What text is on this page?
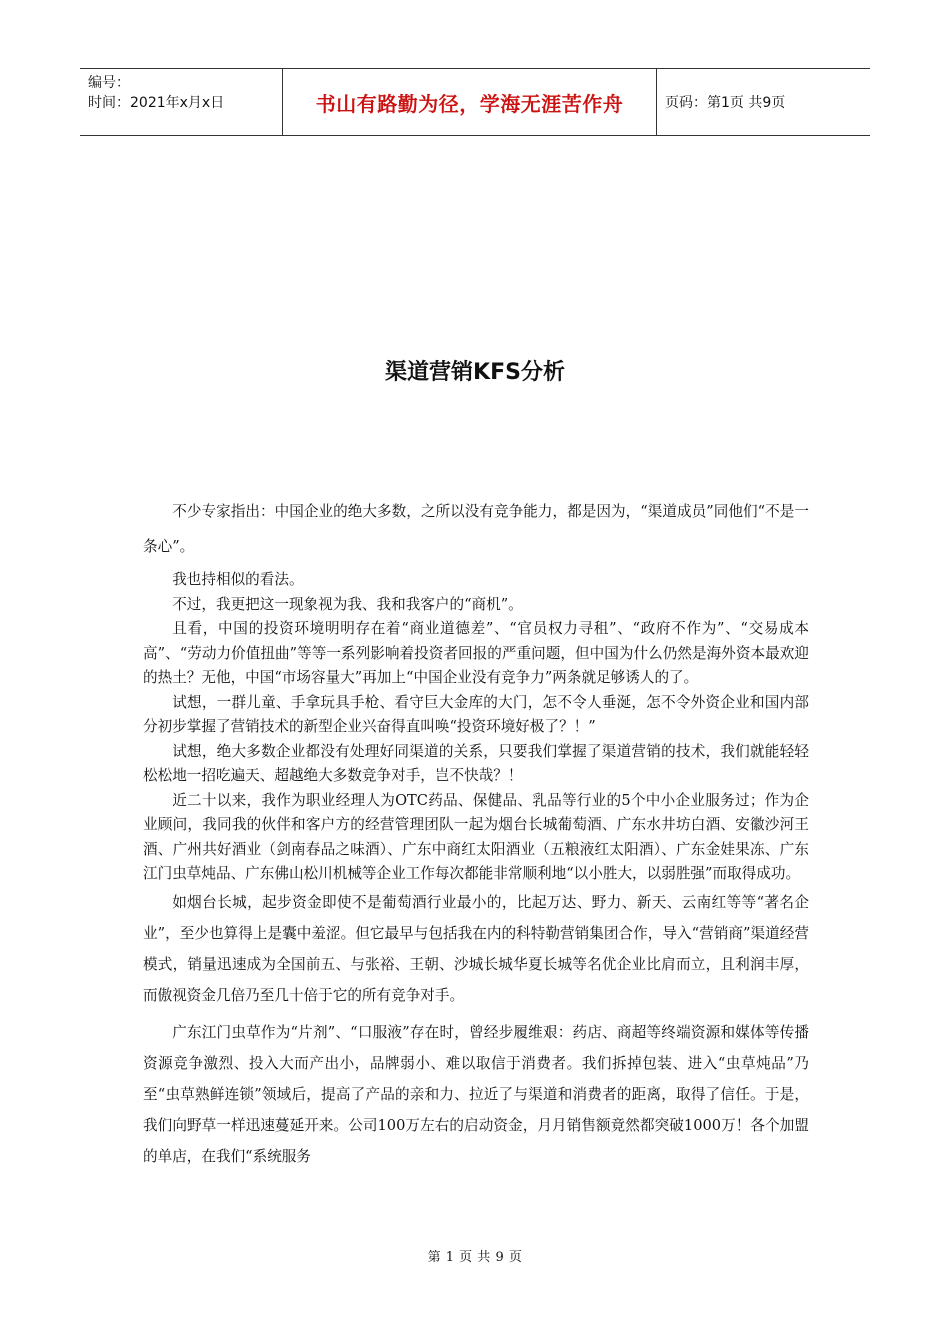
编号：
时间：2021年x月x日	书山有路勤为径，学海无涯苦作舟	页码：第1页 共9页
渠道营销KFS分析

不少专家指出：中国企业的绝大多数，之所以没有竞争能力，都是因为，“渠道成员”同他们“不是一条心”。

我也持相似的看法。

不过，我更把这一现象视为我、我和我客户的“商机”。

且看，中国的投资环境明明存在着“商业道德差”、“官员权力寻租”、“政府不作为”、“交易成本高”、“劳动力价值扭曲”等等一系列影响着投资者回报的严重问题，但中国为什么仍然是海外资本最欢迎的热土？无他，中国“市场容量大”再加上“中国企业没有竞争力”两条就足够诱人的了。

试想，一群儿童、手拿玩具手枪、看守巨大金库的大门，怎不令人垂涎，怎不令外资企业和国内部分初步掌握了营销技术的新型企业兴奋得直叫唤“投资环境好极了？！”

试想，绝大多数企业都没有处理好同渠道的关系，只要我们掌握了渠道营销的技术，我们就能轻轻松松地一招吃遍天、超越绝大多数竞争对手，岂不快哉？！

近二十以来，我作为职业经理人为OTC药品、保健品、乳品等行业的5个中小企业服务过；作为企业顾问，我同我的伙伴和客户方的经营管理团队一起为烟台长城葡萄酒、广东水井坊白酒、安徽沙河王酒、广州共好酒业（剑南春品之味酒）、广东中商红太阳酒业（五粮液红太阳酒）、广东金娃果冻、广东江门虫草炖品、广东佛山松川机械等企业工作每次都能非常顺利地“以小胜大，以弱胜强”而取得成功。

如烟台长城，起步资金即使不是葡萄酒行业最小的，比起万达、野力、新天、云南红等等“著名企业”，至少也算得上是囊中羞涩。但它最早与包括我在内的科特勒营销集团合作，导入“营销商”渠道经营模式，销量迅速成为全国前五、与张裕、王朝、沙城长城华夏长城等名优企业比肩而立，且利润丰厚，而傲视资金几倍乃至几十倍于它的所有竞争对手。

广东江门虫草作为“片剂”、“口服液”存在时，曾经步履维艰：药店、商超等终端资源和媒体等传播资源竞争激烈、投入大而产出小，品牌弱小、难以取信于消费者。我们拆掉包装、进入“虫草炖品”乃至“虫草熟鲜连锁”领域后，提高了产品的亲和力、拉近了与渠道和消费者的距离，取得了信任。于是，我们向野草一样迅速蔓延开来。公司100万左右的启动资金，月月销售额竟然都突破1000万！各个加盟的单店，在我们“系统服务

第 1 页 共 9 页
